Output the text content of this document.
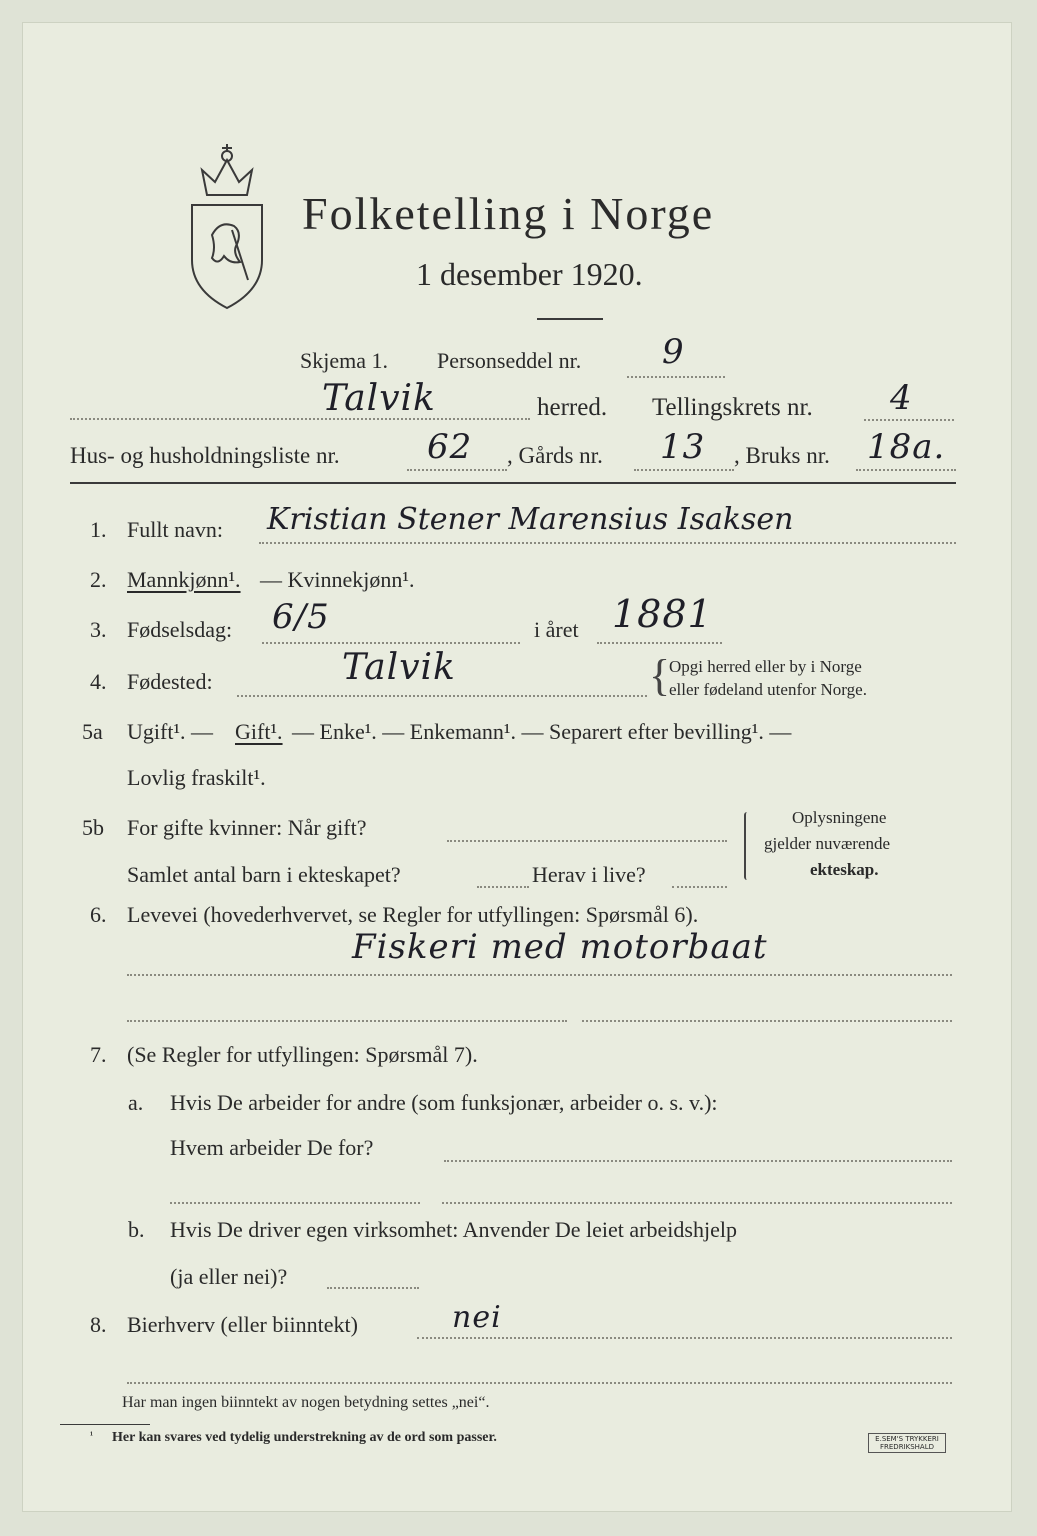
Folketelling i Norge
1 desember 1920.
Skjema 1. Personseddel nr. 9
Talvik	herred. Tellingskrets nr. 4
Hus- og husholdningsliste nr.	62 , Gårds nr. 13 , Bruks nr. 18a.
1. Fullt navn: Kristian Stener Marensius Isaksen
2. Mannkjønn¹. — Kvinnekjønn¹.
3. Fødselsdag: 6/5	i året 1881
4. Fødested:	Talvik	{
Opgi herred eller by i Norge
eller fødeland utenfor Norge.
5a Ugift¹. — Gift¹. — Enke¹. — Enkemann¹. — Separert efter bevilling¹. —
Lovlig fraskilt¹.
5b For gifte kvinner: Når gift?
Samlet antal barn i ekteskapet?	Herav i live?
Oplysningene
gjelder nuværende
ekteskap.
6. Levevei (hovederhvervet, se Regler for utfyllingen: Spørsmål 6).
Fiskeri med motorbaat
7. (Se Regler for utfyllingen: Spørsmål 7).
a. Hvis De arbeider for andre (som funksjonær, arbeider o. s. v.):
Hvem arbeider De for?
b. Hvis De driver egen virksomhet: Anvender De leiet arbeidshjelp
(ja eller nei)?
8. Bierhverv (eller biinntekt)	nei
Har man ingen biinntekt av nogen betydning settes „nei“.
¹ Her kan svares ved tydelig understrekning av de ord som passer.	E.SEM'S TRYKKERI
FREDRIKSHALD
